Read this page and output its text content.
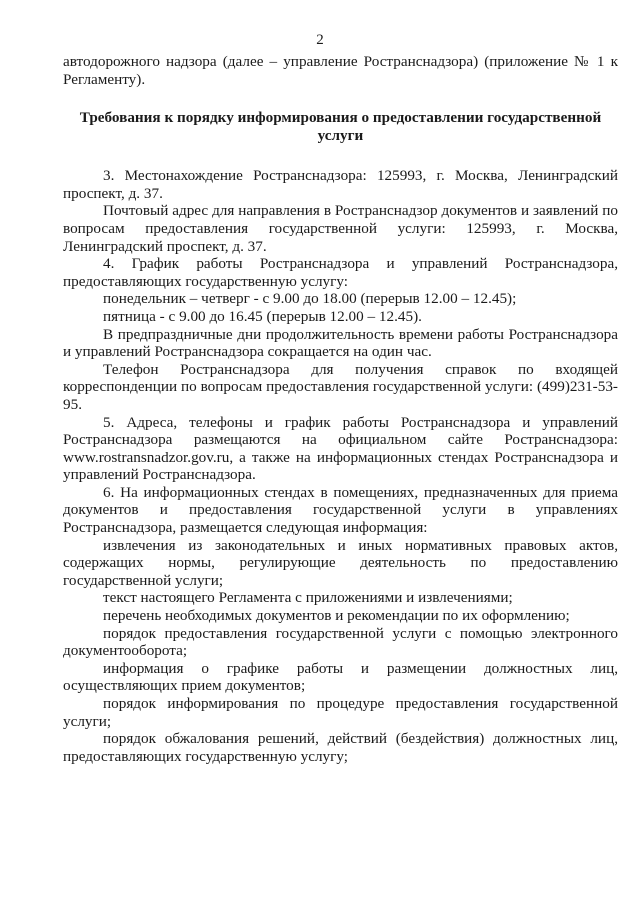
2

автодорожного надзора (далее – управление Ространснадзора) (приложение № 1 к Регламенту).

Требования к порядку информирования о предоставлении государственной услуги

3. Местонахождение Ространснадзора: 125993, г. Москва, Ленинградский проспект, д. 37.

Почтовый адрес для направления в Ространснадзор документов и заявлений по вопросам предоставления государственной услуги: 125993, г. Москва, Ленинградский проспект, д. 37.

4. График работы Ространснадзора и управлений Ространснадзора, предоставляющих государственную услугу:

понедельник – четверг - с 9.00 до 18.00 (перерыв 12.00 – 12.45);

пятница - с 9.00 до 16.45 (перерыв 12.00 – 12.45).

В предпраздничные дни продолжительность времени работы Ространснадзора и управлений Ространснадзора сокращается на один час.

Телефон Ространснадзора для получения справок по входящей корреспонденции по вопросам предоставления государственной услуги: (499)231-53-95.

5. Адреса, телефоны и график работы Ространснадзора и управлений Ространснадзора размещаются на официальном сайте Ространснадзора: www.rostransnadzor.gov.ru, а также на информационных стендах Ространснадзора и управлений Ространснадзора.

6. На информационных стендах в помещениях, предназначенных для приема документов и предоставления государственной услуги в управлениях Ространснадзора, размещается следующая информация:

извлечения из законодательных и иных нормативных правовых актов, содержащих нормы, регулирующие деятельность по предоставлению государственной услуги;

текст настоящего Регламента с приложениями и извлечениями;

перечень необходимых документов и рекомендации по их оформлению;

порядок предоставления государственной услуги с помощью электронного документооборота;

информация о графике работы и размещении должностных лиц, осуществляющих прием документов;

порядок информирования по процедуре предоставления государственной услуги;

порядок обжалования решений, действий (бездействия) должностных лиц, предоставляющих государственную услугу;
